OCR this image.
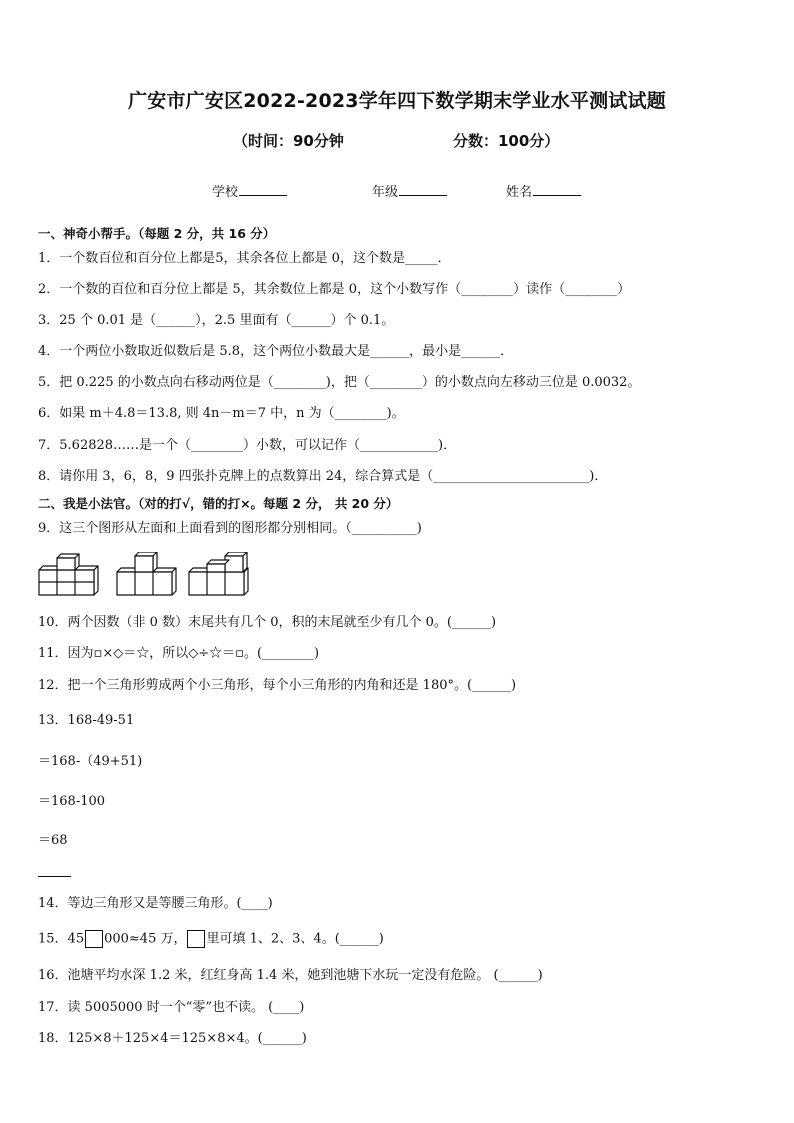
广安市广安区2022-2023学年四下数学期末学业水平测试试题
（时间：90分钟	分数：100分）
学校	年级	姓名
一、神奇小帮手。（每题 2 分，共 16 分）
1．一个数百位和百分位上都是5，其余各位上都是 0，这个数是_____．
2．一个数的百位和百分位上都是 5，其余数位上都是 0，这个小数写作（________）读作（________）
3．25 个 0.01 是（______），2.5 里面有（______）个 0.1。
4．一个两位小数取近似数后是 5.8，这个两位小数最大是______，最小是______．
5．把 0.225 的小数点向右移动两位是（________)，把（________）的小数点向左移动三位是 0.0032。
6．如果 m＋4.8＝13.8, 则 4n－m＝7 中，n 为（________)。
7．5.62828……是一个（________）小数，可以记作（____________)．
8．请你用 3，6，8，9 四张扑克牌上的点数算出 24，综合算式是（________________________)．
二、我是小法官。（对的打√，错的打×。每题 2 分， 共 20 分）
9．这三个图形从左面和上面看到的图形都分别相同。（__________)
10．两个因数（非 0 数）末尾共有几个 0，积的末尾就至少有几个 0。(______)
11．因为▫×◇＝☆，所以◇÷☆＝▫。(________)
12．把一个三角形剪成两个小三角形，每个小三角形的内角和还是 180°。(______)
13．168-49-51
＝168-（49+51)
＝168-100
＝68
14．等边三角形又是等腰三角形。(____)
15．45 000≈45 万， 里可填 1、2、3、4。(______)
16．池塘平均水深 1.2 米，红红身高 1.4 米，她到池塘下水玩一定没有危险。 (______)
17．读 5005000 时一个“零”也不读。 (____)
18．125×8＋125×4＝125×8×4。(______)
